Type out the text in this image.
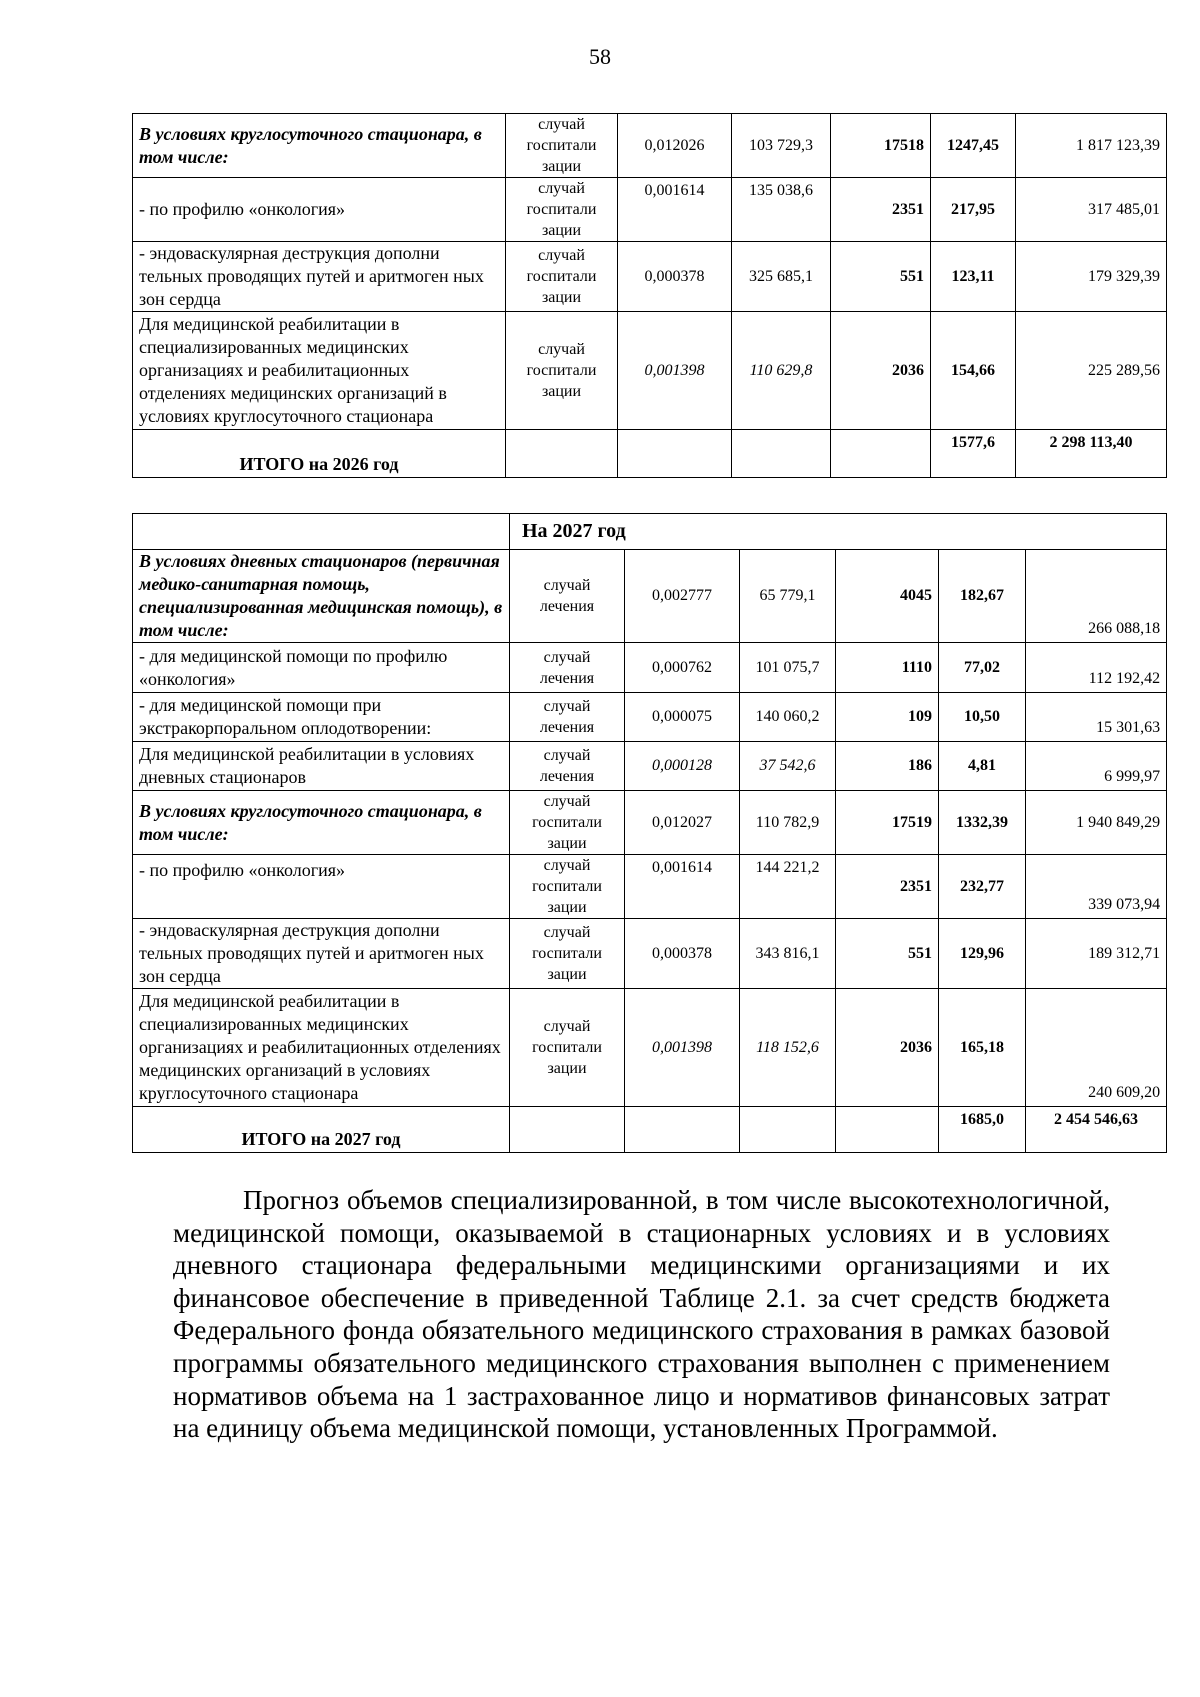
58
В условиях круглосуточного стационара, в том числе:	случай госпитали зации	0,012026	103 729,3	17518	1247,45	1 817 123,39
- по профилю «онкология»	случай госпитали зации	0,001614	135 038,6	2351	217,95	317 485,01
- эндоваскулярная деструкция дополни тельных проводящих путей и аритмоген ных зон сердца	случай госпитали зации	0,000378	325 685,1	551	123,11	179 329,39
Для медицинской реабилитации в специализированных медицинских организациях и реабилитационных отделениях медицинских организаций в условиях круглосуточного стационара	случай госпитали зации	0,001398	110 629,8	2036	154,66	225 289,56
ИТОГО на 2026 год					1577,6	2 298 113,40
	На 2027 год					
В условиях дневных стационаров (первичная медико-санитарная помощь, специализированная медицинская помощь), в том числе:	случай лечения	0,002777	65 779,1	4045	182,67	266 088,18
- для медицинской помощи по профилю «онкология»	случай лечения	0,000762	101 075,7	1110	77,02	112 192,42
- для медицинской помощи при экстракорпоральном оплодотворении:	случай лечения	0,000075	140 060,2	109	10,50	15 301,63
Для медицинской реабилитации в условиях дневных стационаров	случай лечения	0,000128	37 542,6	186	4,81	6 999,97
В условиях круглосуточного стационара, в том числе:	случай госпитали зации	0,012027	110 782,9	17519	1332,39	1 940 849,29
- по профилю «онкология»	случай госпитали зации	0,001614	144 221,2	2351	232,77	339 073,94
- эндоваскулярная деструкция дополни тельных проводящих путей и аритмоген ных зон сердца	случай госпитали зации	0,000378	343 816,1	551	129,96	189 312,71
Для медицинской реабилитации в специализированных медицинских организациях и реабилитационных отделениях медицинских организаций в условиях круглосуточного стационара	случай госпитали зации	0,001398	118 152,6	2036	165,18	240 609,20
ИТОГО на 2027 год					1685,0	2 454 546,63

Прогноз объемов специализированной, в том числе высокотехнологичной, медицинской помощи, оказываемой в стационарных условиях и в условиях дневного стационара федеральными медицинскими организациями и их финансовое обеспечение в приведенной Таблице 2.1. за счет средств бюджета Федерального фонда обязательного медицинского страхования в рамках базовой программы обязательного медицинского страхования выполнен с применением нормативов объема на 1 застрахованное лицо и нормативов финансовых затрат на единицу объема медицинской помощи, установленных Программой.
